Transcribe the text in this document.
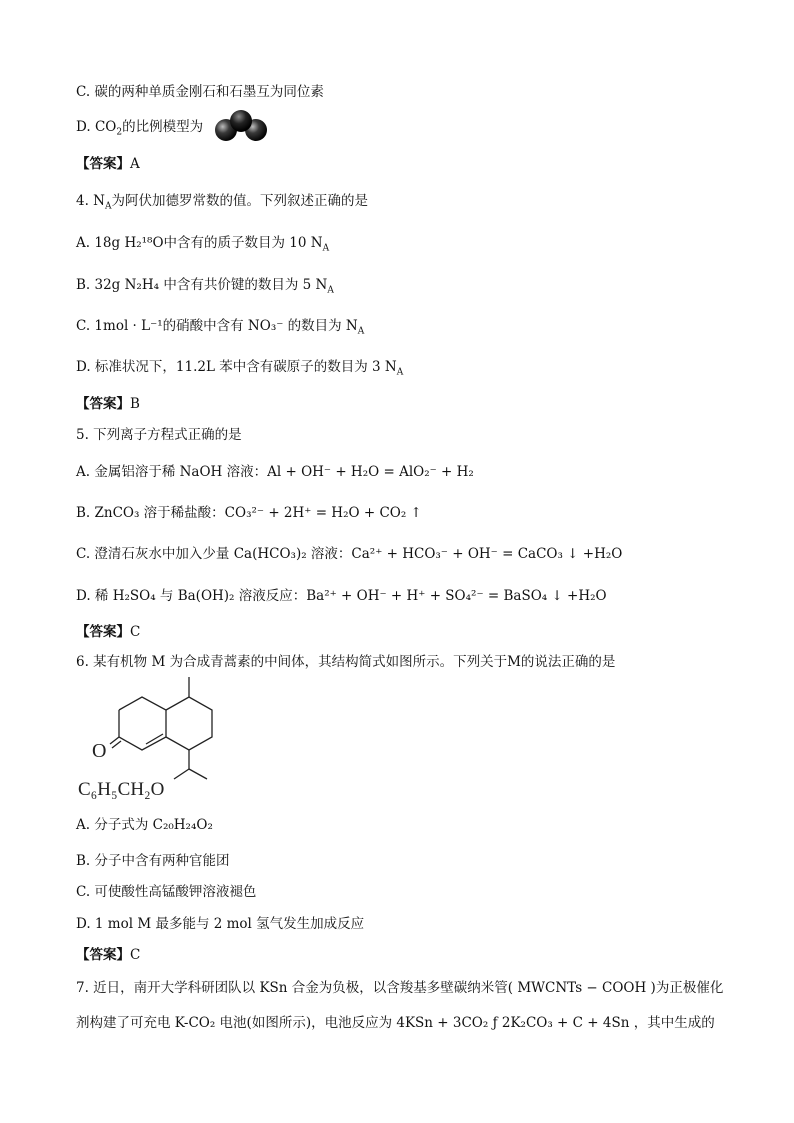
C. 碳的两种单质金刚石和石墨互为同位素
D. $CO_2$的比例模型为
【答案】A
4. $N_A$为阿伏加德罗常数的值。下列叙述正确的是
A. 18g H₂¹⁸O中含有的质子数目为 10 $N_A$
B. 32g N₂H₄ 中含有共价键的数目为 5 $N_A$
C. 1mol · L⁻¹的硝酸中含有 NO₃⁻ 的数目为 $N_A$
D. 标准状况下，11.2L 苯中含有碳原子的数目为 3 $N_A$
【答案】B
5. 下列离子方程式正确的是
A. 金属铝溶于稀 NaOH 溶液：Al + OH⁻ + H₂O = AlO₂⁻ + H₂
B. ZnCO₃ 溶于稀盐酸：CO₃²⁻ + 2H⁺ = H₂O + CO₂ ↑
C. 澄清石灰水中加入少量 Ca(HCO₃)₂ 溶液：Ca²⁺ + HCO₃⁻ + OH⁻ = CaCO₃ ↓ +H₂O
D. 稀 H₂SO₄ 与 Ba(OH)₂ 溶液反应：Ba²⁺ + OH⁻ + H⁺ + SO₄²⁻ = BaSO₄ ↓ +H₂O
【答案】C
6. 某有机物 M 为合成青蒿素的中间体，其结构简式如图所示。下列关于M的说法正确的是
O
C₆H₅CH₂O
A. 分子式为 C₂₀H₂₄O₂
B. 分子中含有两种官能团
C. 可使酸性高锰酸钾溶液褪色
D. 1 mol M 最多能与 2 mol 氢气发生加成反应
【答案】C
7. 近日，南开大学科研团队以 KSn 合金为负极，以含羧基多壁碳纳米管( MWCNTs − COOH )为正极催化
剂构建了可充电 K-CO₂ 电池(如图所示)，电池反应为 4KSn + 3CO₂ ƒ 2K₂CO₃ + C + 4Sn ，其中生成的
